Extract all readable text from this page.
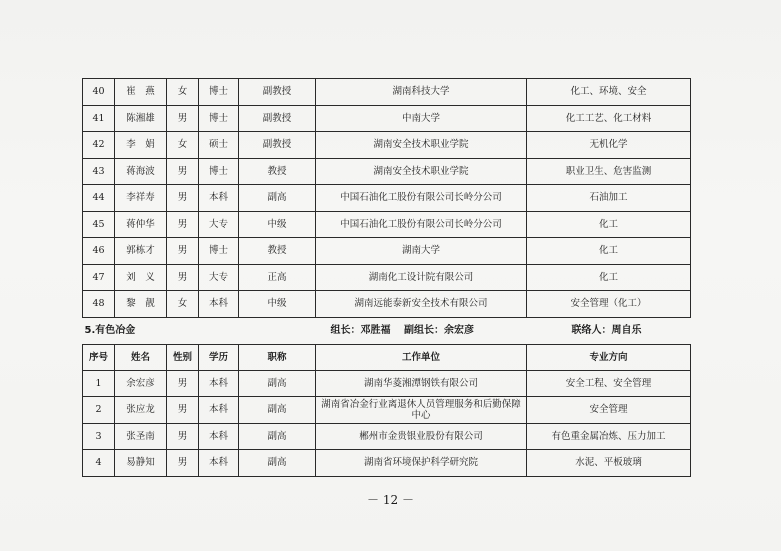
40	崔　燕	女	博士	副教授	湖南科技大学	化工、环境、安全
41	陈湘雄	男	博士	副教授	中南大学	化工工艺、化工材料
42	李　娟	女	硕士	副教授	湖南安全技术职业学院	无机化学
43	蒋海波	男	博士	教授	湖南安全技术职业学院	职业卫生、危害监测
44	李祥寿	男	本科	副高	中国石油化工股份有限公司长岭分公司	石油加工
45	蒋仲华	男	大专	中级	中国石油化工股份有限公司长岭分公司	化工
46	郭栋才	男	博士	教授	湖南大学	化工
47	刘　义	男	大专	正高	湖南化工设计院有限公司	化工
48	黎　靓	女	本科	中级	湖南远能泰新安全技术有限公司	安全管理（化工）

5.有色冶金 组长：邓胜福　 副组长：余宏彦 联络人：周自乐						

序号	姓名	性别	学历	职称	工作单位	专业方向
1	余宏彦	男	本科	副高	湖南华菱湘潭钢铁有限公司	安全工程、安全管理
2	张应龙	男	本科	副高	湖南省冶金行业离退休人员管理服务和后勤保障中心	安全管理
3	张圣南	男	本科	副高	郴州市金贵银业股份有限公司	有色重金属冶炼、压力加工
4	易静知	男	本科	副高	湖南省环境保护科学研究院	水泥、平板玻璃
－ 12 －
